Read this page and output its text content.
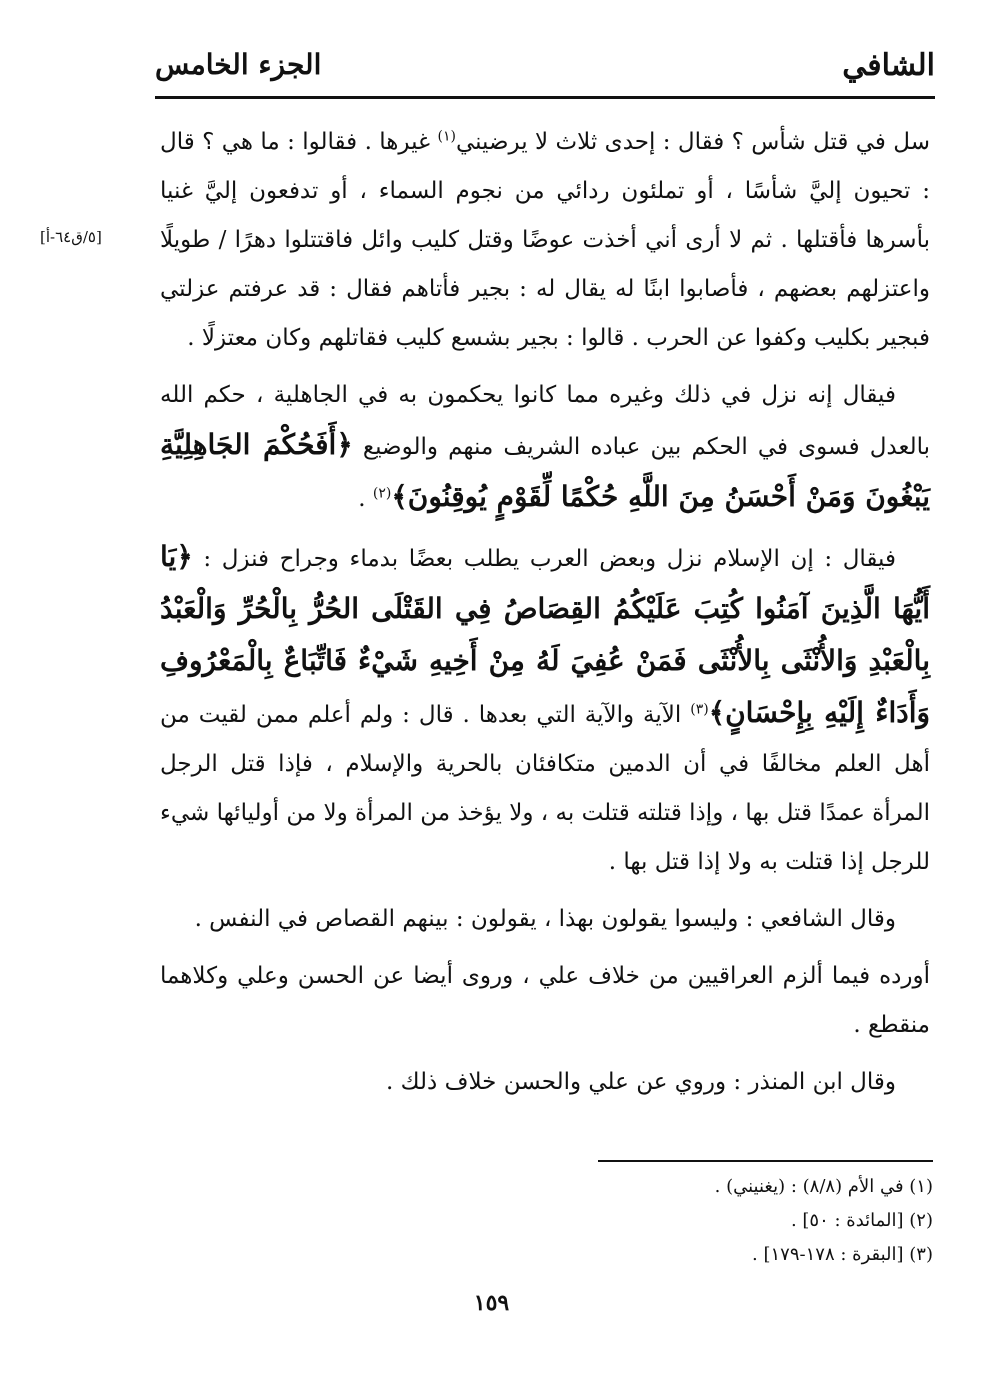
الشافي
الجزء الخامس
[٥/ق٦٤-أ]

سل في قتل شأس ؟ فقال : إحدى ثلاث لا يرضيني$^{(١)}$ غيرها . فقالوا : ما هي ؟ قال : تحيون إليَّ شأسًا ، أو تملئون ردائي من نجوم السماء ، أو تدفعون إليَّ غنيا بأسرها فأقتلها . ثم لا أرى أني أخذت عوضًا وقتل كليب وائل فاقتتلوا دهرًا / طويلًا واعتزلهم بعضهم ، فأصابوا ابنًا له يقال له : بجير فأتاهم فقال : قد عرفتم عزلتي فبجير بكليب وكفوا عن الحرب . قالوا : بجير بشسع كليب فقاتلهم وكان معتزلًا .

فيقال إنه نزل في ذلك وغيره مما كانوا يحكمون به في الجاهلية ، حكم الله بالعدل فسوى في الحكم بين عباده الشريف منهم والوضيع ﴿أَفَحُكْمَ الجَاهِلِيَّةِ يَبْغُونَ وَمَنْ أَحْسَنُ مِنَ اللَّهِ حُكْمًا لِّقَوْمٍ يُوقِنُونَ﴾$^{(٢)}$ .

فيقال : إن الإسلام نزل وبعض العرب يطلب بعضًا بدماء وجراح فنزل : ﴿يَا أَيُّهَا الَّذِينَ آمَنُوا كُتِبَ عَلَيْكُمُ القِصَاصُ فِي القَتْلَى الحُرُّ بِالْحُرِّ وَالْعَبْدُ بِالْعَبْدِ وَالأُنْثَى بِالأُنْثَى فَمَنْ عُفِيَ لَهُ مِنْ أَخِيهِ شَيْءٌ فَاتِّبَاعٌ بِالْمَعْرُوفِ وَأَدَاءٌ إِلَيْهِ بِإِحْسَانٍ﴾$^{(٣)}$ الآية والآية التي بعدها . قال : ولم أعلم ممن لقيت من أهل العلم مخالفًا في أن الدمين متكافئان بالحرية والإسلام ، فإذا قتل الرجل المرأة عمدًا قتل بها ، وإذا قتلته قتلت به ، ولا يؤخذ من المرأة ولا من أوليائها شيء للرجل إذا قتلت به ولا إذا قتل بها .

وقال الشافعي : وليسوا يقولون بهذا ، يقولون : بينهم القصاص في النفس .

أورده فيما ألزم العراقيين من خلاف علي ، وروى أيضا عن الحسن وعلي وكلاهما منقطع .

وقال ابن المنذر : وروي عن علي والحسن خلاف ذلك .

(١) في الأم (٨/٨) : (يغنيني) .
(٢) [المائدة : ٥٠] .
(٣) [البقرة : ١٧٨-١٧٩] .
١٥٩
